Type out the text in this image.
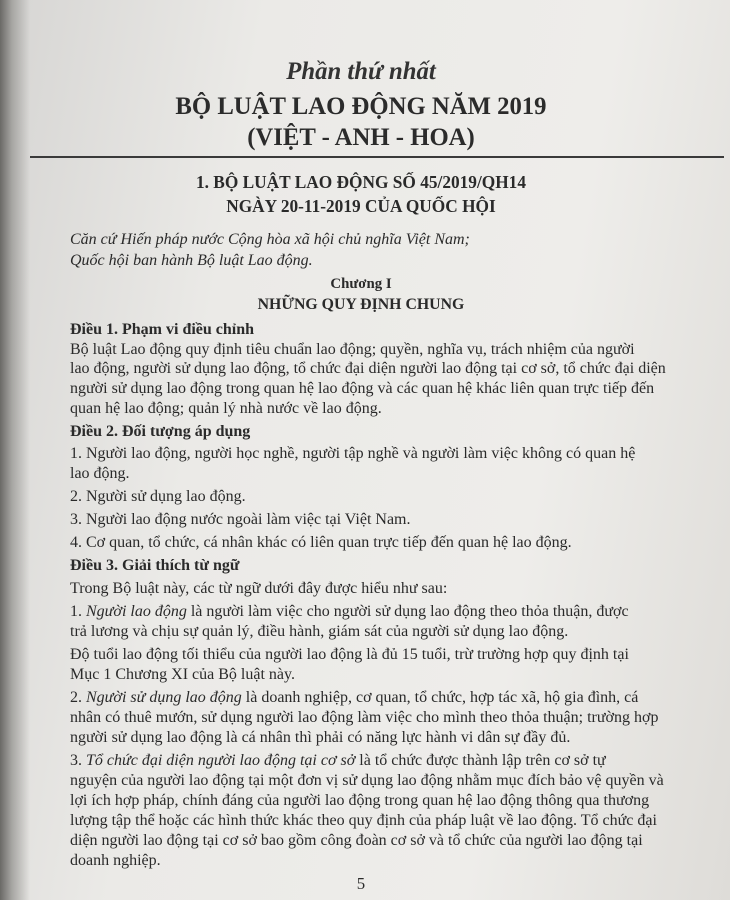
Phần thứ nhất

BỘ LUẬT LAO ĐỘNG NĂM 2019

(VIỆT - ANH - HOA)

1. BỘ LUẬT LAO ĐỘNG SỐ 45/2019/QH14

NGÀY 20-11-2019 CỦA QUỐC HỘI

Căn cứ Hiến pháp nước Cộng hòa xã hội chủ nghĩa Việt Nam;

Quốc hội ban hành Bộ luật Lao động.

Chương I

NHỮNG QUY ĐỊNH CHUNG

Điều 1. Phạm vi điều chỉnh

Bộ luật Lao động quy định tiêu chuẩn lao động; quyền, nghĩa vụ, trách nhiệm của người

lao động, người sử dụng lao động, tổ chức đại diện người lao động tại cơ sở, tổ chức đại diện

người sử dụng lao động trong quan hệ lao động và các quan hệ khác liên quan trực tiếp đến

quan hệ lao động; quản lý nhà nước về lao động.

Điều 2. Đối tượng áp dụng

1. Người lao động, người học nghề, người tập nghề và người làm việc không có quan hệ

lao động.

2. Người sử dụng lao động.

3. Người lao động nước ngoài làm việc tại Việt Nam.

4. Cơ quan, tổ chức, cá nhân khác có liên quan trực tiếp đến quan hệ lao động.

Điều 3. Giải thích từ ngữ

Trong Bộ luật này, các từ ngữ dưới đây được hiểu như sau:

1. Người lao động là người làm việc cho người sử dụng lao động theo thỏa thuận, được

trả lương và chịu sự quản lý, điều hành, giám sát của người sử dụng lao động.

Độ tuổi lao động tối thiểu của người lao động là đủ 15 tuổi, trừ trường hợp quy định tại

Mục 1 Chương XI của Bộ luật này.

2. Người sử dụng lao động là doanh nghiệp, cơ quan, tổ chức, hợp tác xã, hộ gia đình, cá

nhân có thuê mướn, sử dụng người lao động làm việc cho mình theo thỏa thuận; trường hợp

người sử dụng lao động là cá nhân thì phải có năng lực hành vi dân sự đầy đủ.

3. Tổ chức đại diện người lao động tại cơ sở là tổ chức được thành lập trên cơ sở tự

nguyện của người lao động tại một đơn vị sử dụng lao động nhằm mục đích bảo vệ quyền và

lợi ích hợp pháp, chính đáng của người lao động trong quan hệ lao động thông qua thương

lượng tập thể hoặc các hình thức khác theo quy định của pháp luật về lao động. Tổ chức đại

diện người lao động tại cơ sở bao gồm công đoàn cơ sở và tổ chức của người lao động tại

doanh nghiệp.

5
